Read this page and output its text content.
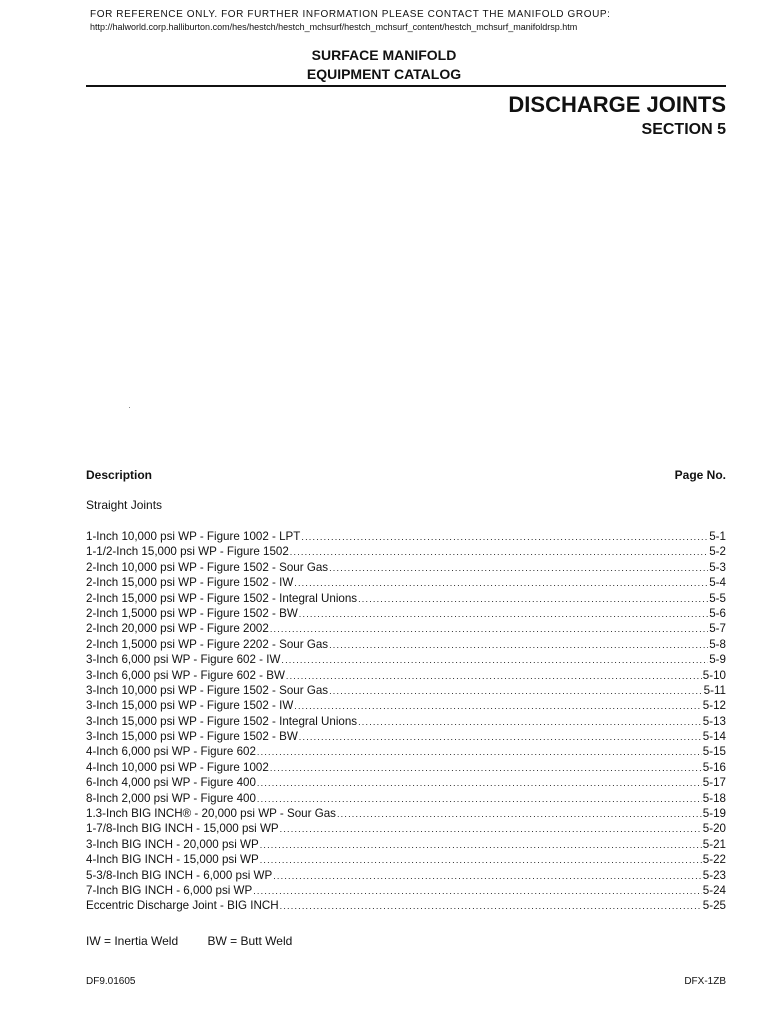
FOR REFERENCE ONLY. FOR FURTHER INFORMATION PLEASE CONTACT THE MANIFOLD GROUP:
http://halworld.corp.halliburton.com/hes/hestch/hestch_mchsurf/hestch_mchsurf_content/hestch_mchsurf_manifoldrsp.htm
SURFACE MANIFOLD
EQUIPMENT CATALOG
DISCHARGE JOINTS
SECTION 5
Description	Page No.
Straight Joints
1-Inch 10,000 psi WP - Figure 1002 - LPT .....	5-1
1-1/2-Inch 15,000 psi WP - Figure 1502 .....	5-2
2-Inch 10,000 psi WP - Figure 1502 - Sour Gas .....	5-3
2-Inch 15,000 psi WP - Figure 1502 - IW .....	5-4
2-Inch 15,000 psi WP - Figure 1502 - Integral Unions .....	5-5
2-Inch 1,5000 psi WP - Figure 1502 - BW .....	5-6
2-Inch 20,000 psi WP - Figure 2002 .....	5-7
2-Inch 1,5000 psi WP - Figure 2202 - Sour Gas .....	5-8
3-Inch 6,000 psi WP - Figure 602 - IW .....	5-9
3-Inch 6,000 psi WP - Figure 602 - BW .....	5-10
3-Inch 10,000 psi WP - Figure 1502 - Sour Gas .....	5-11
3-Inch 15,000 psi WP - Figure 1502 - IW .....	5-12
3-Inch 15,000 psi WP - Figure 1502 - Integral Unions .....	5-13
3-Inch 15,000 psi WP - Figure 1502 - BW .....	5-14
4-Inch 6,000 psi WP - Figure 602 .....	5-15
4-Inch 10,000 psi WP - Figure 1002 .....	5-16
6-Inch 4,000 psi WP - Figure 400 .....	5-17
8-Inch 2,000 psi WP - Figure 400 .....	5-18
1.3-Inch BIG INCH® - 20,000 psi WP - Sour Gas .....	5-19
1-7/8-Inch BIG INCH - 15,000 psi WP .....	5-20
3-Inch BIG INCH - 20,000 psi WP .....	5-21
4-Inch BIG INCH - 15,000 psi WP .....	5-22
5-3/8-Inch BIG INCH - 6,000 psi WP .....	5-23
7-Inch BIG INCH - 6,000 psi WP .....	5-24
Eccentric Discharge Joint - BIG INCH .....	5-25
IW = Inertia Weld BW = Butt Weld
DF9.01605	DFX-1ZB
